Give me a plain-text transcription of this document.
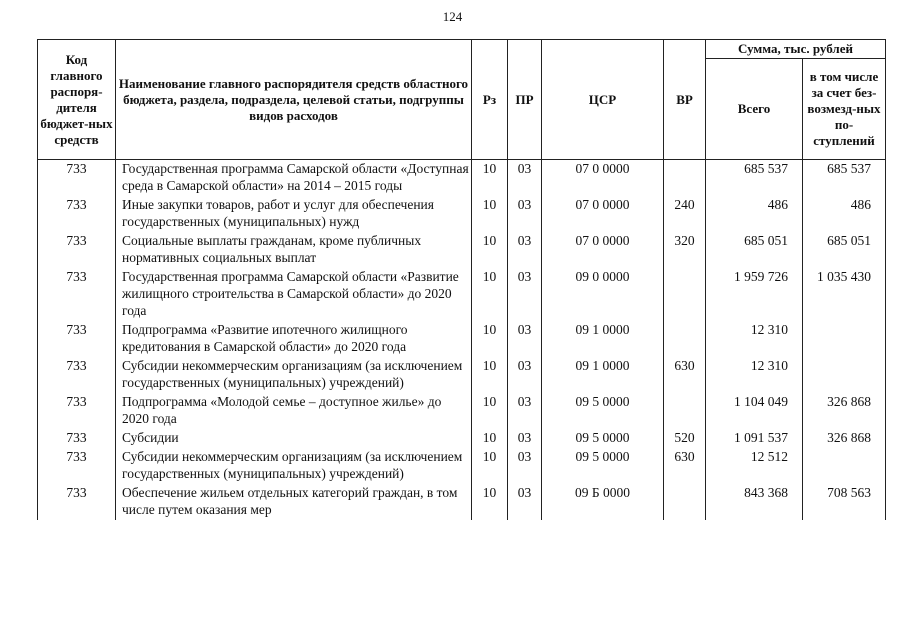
124
Код главного распоря-дителя бюджет-ных средств	Наименование главного распорядителя средств областного бюджета, раздела, подраздела, целевой статьи, подгруппы видов расходов	Рз	ПР	ЦСР	ВР	Сумма, тыс. рублей	
						Всего	в том числе за счет без-возмезд-ных по-ступлений
733	Государственная программа Самарской области «Доступная среда в Самарской области» на 2014 – 2015 годы	10	03	07 0 0000		685 537	685 537
733	Иные закупки товаров, работ и услуг для обеспечения государственных (муниципальных) нужд	10	03	07 0 0000	240	486	486
733	Социальные выплаты гражданам, кроме публичных нормативных социальных выплат	10	03	07 0 0000	320	685 051	685 051
733	Государственная программа Самарской области «Развитие жилищного строительства в Самарской области» до 2020 года	10	03	09 0 0000		1 959 726	1 035 430
733	Подпрограмма «Развитие ипотечного жилищного кредитования в Самарской области» до 2020 года	10	03	09 1 0000		12 310	
733	Субсидии некоммерческим организациям (за исключением государственных (муниципальных) учреждений)	10	03	09 1 0000	630	12 310	
733	Подпрограмма «Молодой семье – доступное жилье» до 2020 года	10	03	09 5 0000		1 104 049	326 868
733	Субсидии	10	03	09 5 0000	520	1 091 537	326 868
733	Субсидии некоммерческим организациям (за исключением государственных (муниципальных) учреждений)	10	03	09 5 0000	630	12 512	
733	Обеспечение жильем отдельных категорий граждан, в том числе путем оказания мер	10	03	09 Б 0000		843 368	708 563
